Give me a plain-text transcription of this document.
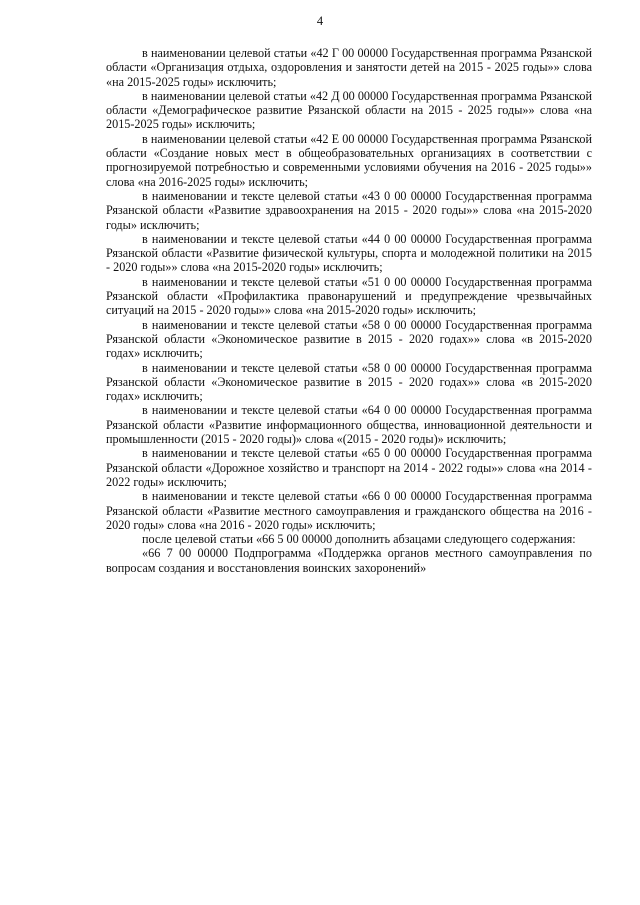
4

в наименовании целевой статьи «42 Г 00 00000 Государственная программа Рязанской области «Организация отдыха, оздоровления и занятости детей на 2015 - 2025 годы»» слова «на 2015-2025 годы» исключить;

в наименовании целевой статьи «42 Д 00 00000 Государственная программа Рязанской области «Демографическое развитие Рязанской области на 2015 - 2025 годы»» слова «на 2015-2025 годы» исключить;

в наименовании целевой статьи «42 Е 00 00000 Государственная программа Рязанской области «Создание новых мест в общеобразовательных организациях в соответствии с прогнозируемой потребностью и современными условиями обучения на 2016 - 2025 годы»» слова «на 2016-2025 годы» исключить;

в наименовании и тексте целевой статьи «43 0 00 00000 Государственная программа Рязанской области «Развитие здравоохранения на 2015 - 2020 годы»» слова «на 2015-2020 годы» исключить;

в наименовании и тексте целевой статьи «44 0 00 00000 Государственная программа Рязанской области «Развитие физической культуры, спорта и молодежной политики на 2015 - 2020 годы»» слова «на 2015-2020 годы» исключить;

в наименовании и тексте целевой статьи «51 0 00 00000 Государственная программа Рязанской области «Профилактика правонарушений и предупреждение чрезвычайных ситуаций на 2015 - 2020 годы»» слова «на 2015-2020 годы» исключить;

в наименовании и тексте целевой статьи «58 0 00 00000 Государственная программа Рязанской области «Экономическое развитие в 2015 - 2020 годах»» слова «в 2015-2020 годах» исключить;

в наименовании и тексте целевой статьи «58 0 00 00000 Государственная программа Рязанской области «Экономическое развитие в 2015 - 2020 годах»» слова «в 2015-2020 годах» исключить;

в наименовании и тексте целевой статьи «64 0 00 00000 Государственная программа Рязанской области «Развитие информационного общества, инновационной деятельности и промышленности (2015 - 2020 годы)» слова «(2015 - 2020 годы)» исключить;

в наименовании и тексте целевой статьи «65 0 00 00000 Государственная программа Рязанской области «Дорожное хозяйство и транспорт на 2014 - 2022 годы»» слова «на 2014 - 2022 годы» исключить;

в наименовании и тексте целевой статьи «66 0 00 00000 Государственная программа Рязанской области «Развитие местного самоуправления и гражданского общества на 2016 - 2020 годы» слова «на 2016 - 2020 годы» исключить;

после целевой статьи «66 5 00 00000 дополнить абзацами следующего содержания:

«66 7 00 00000 Подпрограмма «Поддержка органов местного самоуправления по вопросам создания и восстановления воинских захоронений»
